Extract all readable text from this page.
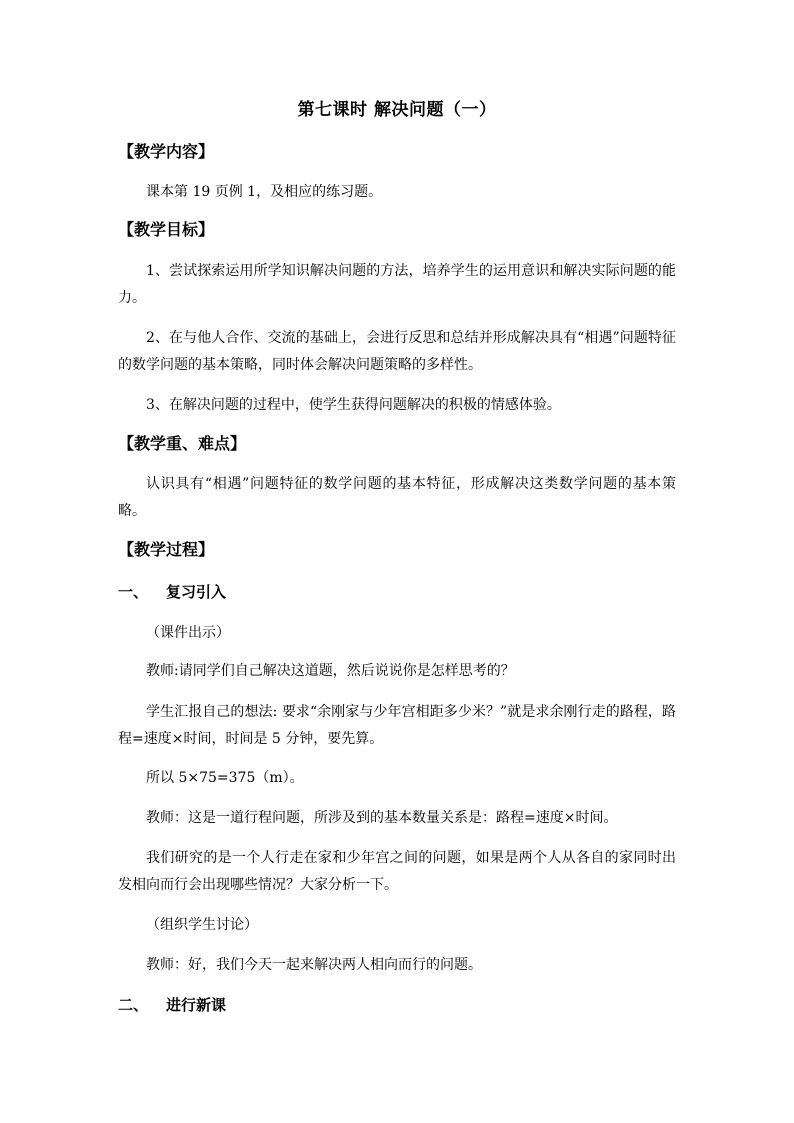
第七课时 解决问题（一）
【教学内容】
课本第 19 页例 1，及相应的练习题。
【教学目标】
1、尝试探索运用所学知识解决问题的方法，培养学生的运用意识和解决实际问题的能力。
2、在与他人合作、交流的基础上，会进行反思和总结并形成解决具有“相遇”问题特征的数学问题的基本策略，同时体会解决问题策略的多样性。
3、在解决问题的过程中，使学生获得问题解决的积极的情感体验。
【教学重、难点】
认识具有“相遇”问题特征的数学问题的基本特征，形成解决这类数学问题的基本策略。
【教学过程】
一、 复习引入
（课件出示）
教师:请同学们自己解决这道题，然后说说你是怎样思考的？
学生汇报自己的想法: 要求“余刚家与少年宫相距多少米？”就是求余刚行走的路程，路程=速度×时间，时间是 5 分钟，要先算。
所以 5×75=375（m）。
教师：这是一道行程问题，所涉及到的基本数量关系是：路程=速度×时间。
我们研究的是一个人行走在家和少年宫之间的问题，如果是两个人从各自的家同时出发相向而行会出现哪些情况？大家分析一下。
（组织学生讨论）
教师：好，我们今天一起来解决两人相向而行的问题。
二、 进行新课
